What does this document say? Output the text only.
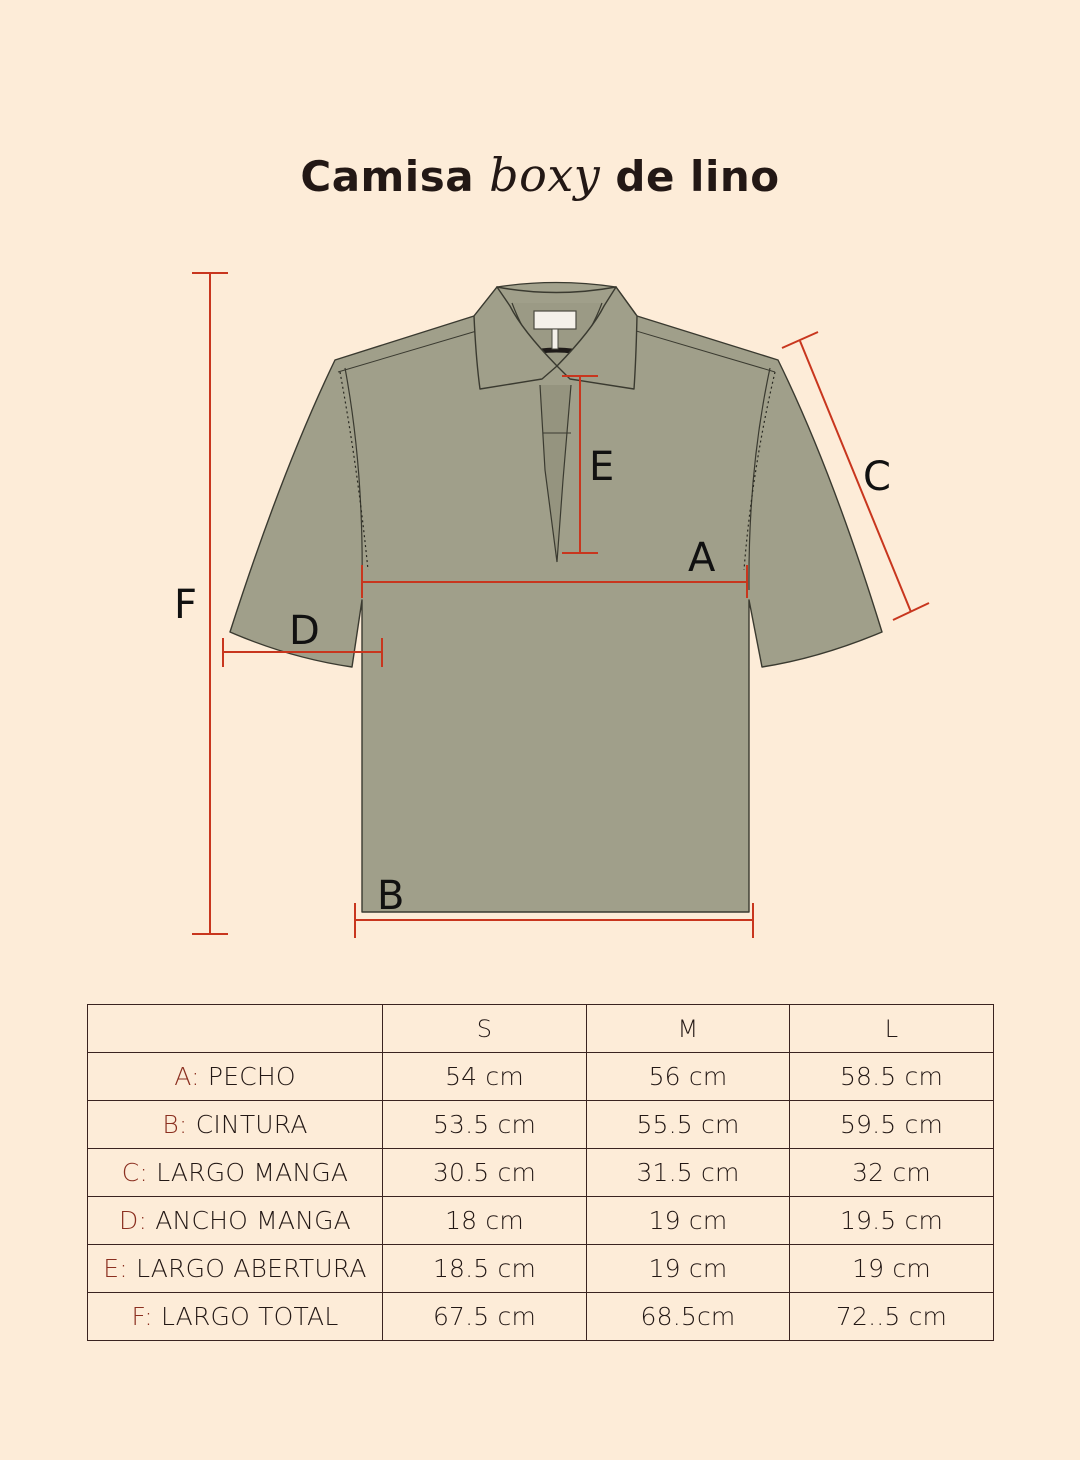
Camisa boxy de lino
F
A
B
C
D
E
	S	M	L
A: PECHO	54 cm	56 cm	58.5 cm
B: CINTURA	53.5 cm	55.5 cm	59.5 cm
C: LARGO MANGA	30.5 cm	31.5 cm	32 cm
D: ANCHO MANGA	18 cm	19 cm	19.5 cm
E: LARGO ABERTURA	18.5 cm	19 cm	19 cm
F: LARGO TOTAL	67.5 cm	68.5cm	72..5 cm
